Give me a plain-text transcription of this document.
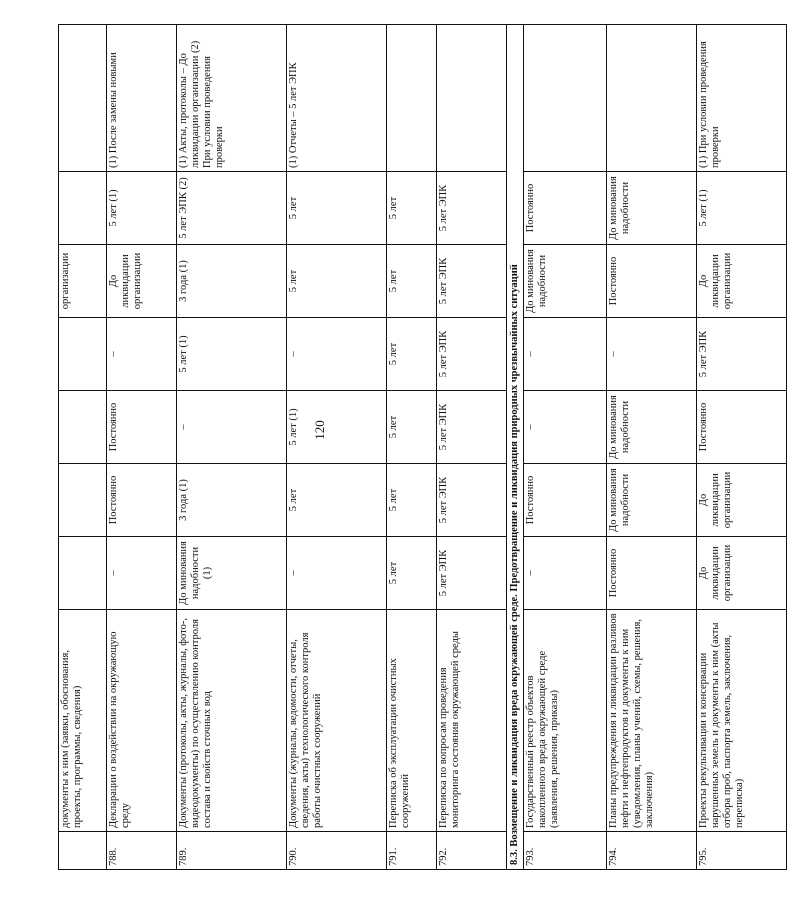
120
	документы к ним (заявки, обоснования, проекты, программы, сведения)					организации		
788.	Декларации о воздействии на окружающую среду	–	Постоянно	Постоянно	–	До ликвидации организации	5 лет (1)	(1) После замены новыми
789.	Документы (протоколы, акты, журналы, фото-, видеодокументы) по осуществлению контроля состава и свойств сточных вод	До минования надобности (1)	3 года (1)	–	5 лет (1)	3 года (1)	5 лет ЭПК (2)	(1) Акты, протоколы – До ликвидации организации (2) При условии проведения проверки
790.	Документы (журналы, ведомости, отчеты, сведения, акты) технологического контроля работы очистных сооружений	–	5 лет	5 лет (1)	–	5 лет	5 лет	(1) Отчеты – 5 лет ЭПК
791.	Переписка об эксплуатации очистных сооружений	5 лет	5 лет	5 лет	5 лет	5 лет	5 лет	
792.	Переписка по вопросам проведения мониторинга состояния окружающей среды	5 лет ЭПК	5 лет ЭПК	5 лет ЭПК	5 лет ЭПК	5 лет ЭПК	5 лет ЭПК	
8.3. Возмещение и ликвидация вреда окружающей среде. Предотвращение и ликвидация природных чрезвычайных ситуаций								
793.	Государственный реестр объектов накопленного вреда окружающей среде (заявления, решения, приказы)	–	Постоянно	–	–	До минования надобности	Постоянно	
794.	Планы предупреждения и ликвидации разливов нефти и нефтепродуктов и документы к ним (уведомления, планы учений, схемы, решения, заключения)	Постоянно	До минования надобности	До минования надобности	–	Постоянно	До минования надобности	
795.	Проекты рекультивации и консервации нарушенных земель и документы к ним (акты отбора проб, паспорта земель, заключения, переписка)	До ликвидации организации	До ликвидации организации	Постоянно	5 лет ЭПК	До ликвидации организации	5 лет (1)	(1) При условии проведения проверки
